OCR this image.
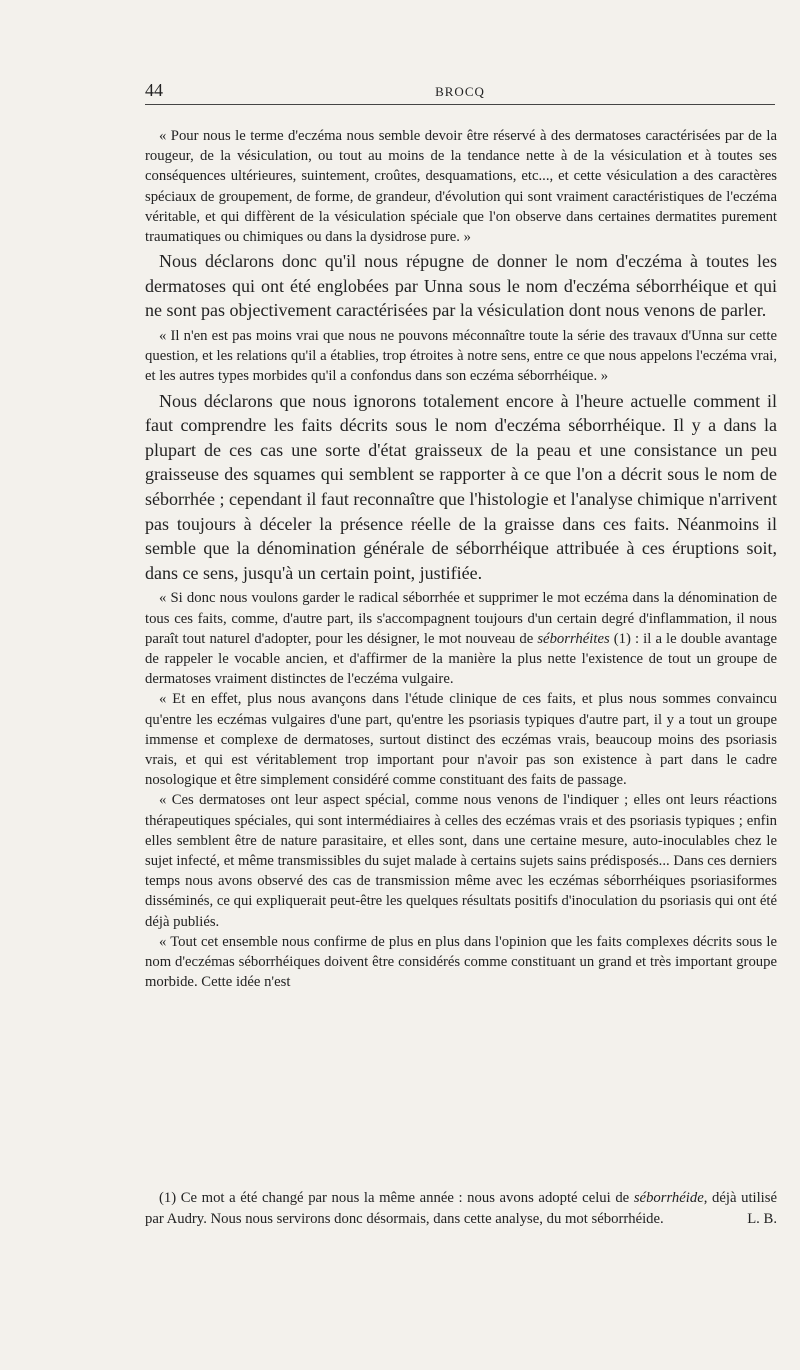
44	BROCQ

« Pour nous le terme d'eczéma nous semble devoir être réservé à des dermatoses caractérisées par de la rougeur, de la vésiculation, ou tout au moins de la tendance nette à de la vésiculation et à toutes ses conséquences ultérieures, suintement, croûtes, desquamations, etc..., et cette vésiculation a des caractères spéciaux de groupement, de forme, de grandeur, d'évolution qui sont vraiment caractéristiques de l'eczéma véritable, et qui diffèrent de la vésiculation spéciale que l'on observe dans certaines dermatites purement traumatiques ou chimiques ou dans la dysidrose pure. »

Nous déclarons donc qu'il nous répugne de donner le nom d'eczéma à toutes les dermatoses qui ont été englobées par Unna sous le nom d'eczéma séborrhéique et qui ne sont pas objectivement caractérisées par la vésiculation dont nous venons de parler.

« Il n'en est pas moins vrai que nous ne pouvons méconnaître toute la série des travaux d'Unna sur cette question, et les relations qu'il a établies, trop étroites à notre sens, entre ce que nous appelons l'eczéma vrai, et les autres types morbides qu'il a confondus dans son eczéma séborrhéique. »

Nous déclarons que nous ignorons totalement encore à l'heure actuelle comment il faut comprendre les faits décrits sous le nom d'eczéma séborrhéique. Il y a dans la plupart de ces cas une sorte d'état graisseux de la peau et une consistance un peu graisseuse des squames qui semblent se rapporter à ce que l'on a décrit sous le nom de séborrhée ; cependant il faut reconnaître que l'histologie et l'analyse chimique n'arrivent pas toujours à déceler la présence réelle de la graisse dans ces faits. Néanmoins il semble que la dénomination générale de séborrhéique attribuée à ces éruptions soit, dans ce sens, jusqu'à un certain point, justifiée.

« Si donc nous voulons garder le radical séborrhée et supprimer le mot eczéma dans la dénomination de tous ces faits, comme, d'autre part, ils s'accompagnent toujours d'un certain degré d'inflammation, il nous paraît tout naturel d'adopter, pour les désigner, le mot nouveau de séborrhéites (1) : il a le double avantage de rappeler le vocable ancien, et d'affirmer de la manière la plus nette l'existence de tout un groupe de dermatoses vraiment distinctes de l'eczéma vulgaire.

« Et en effet, plus nous avançons dans l'étude clinique de ces faits, et plus nous sommes convaincu qu'entre les eczémas vulgaires d'une part, qu'entre les psoriasis typiques d'autre part, il y a tout un groupe immense et complexe de dermatoses, surtout distinct des eczémas vrais, beaucoup moins des psoriasis vrais, et qui est véritablement trop important pour n'avoir pas son existence à part dans le cadre nosologique et être simplement considéré comme constituant des faits de passage.

« Ces dermatoses ont leur aspect spécial, comme nous venons de l'indiquer ; elles ont leurs réactions thérapeutiques spéciales, qui sont intermédiaires à celles des eczémas vrais et des psoriasis typiques ; enfin elles semblent être de nature parasitaire, et elles sont, dans une certaine mesure, auto-inoculables chez le sujet infecté, et même transmissibles du sujet malade à certains sujets sains prédisposés... Dans ces derniers temps nous avons observé des cas de transmission même avec les eczémas séborrhéiques psoriasiformes disséminés, ce qui expliquerait peut-être les quelques résultats positifs d'inoculation du psoriasis qui ont été déjà publiés.

« Tout cet ensemble nous confirme de plus en plus dans l'opinion que les faits complexes décrits sous le nom d'eczémas séborrhéiques doivent être considérés comme constituant un grand et très important groupe morbide. Cette idée n'est

(1) Ce mot a été changé par nous la même année : nous avons adopté celui de séborrhéide, déjà utilisé par Audry. Nous nous servirons donc désormais, dans cette analyse, du mot séborrhéide.	L. B.
